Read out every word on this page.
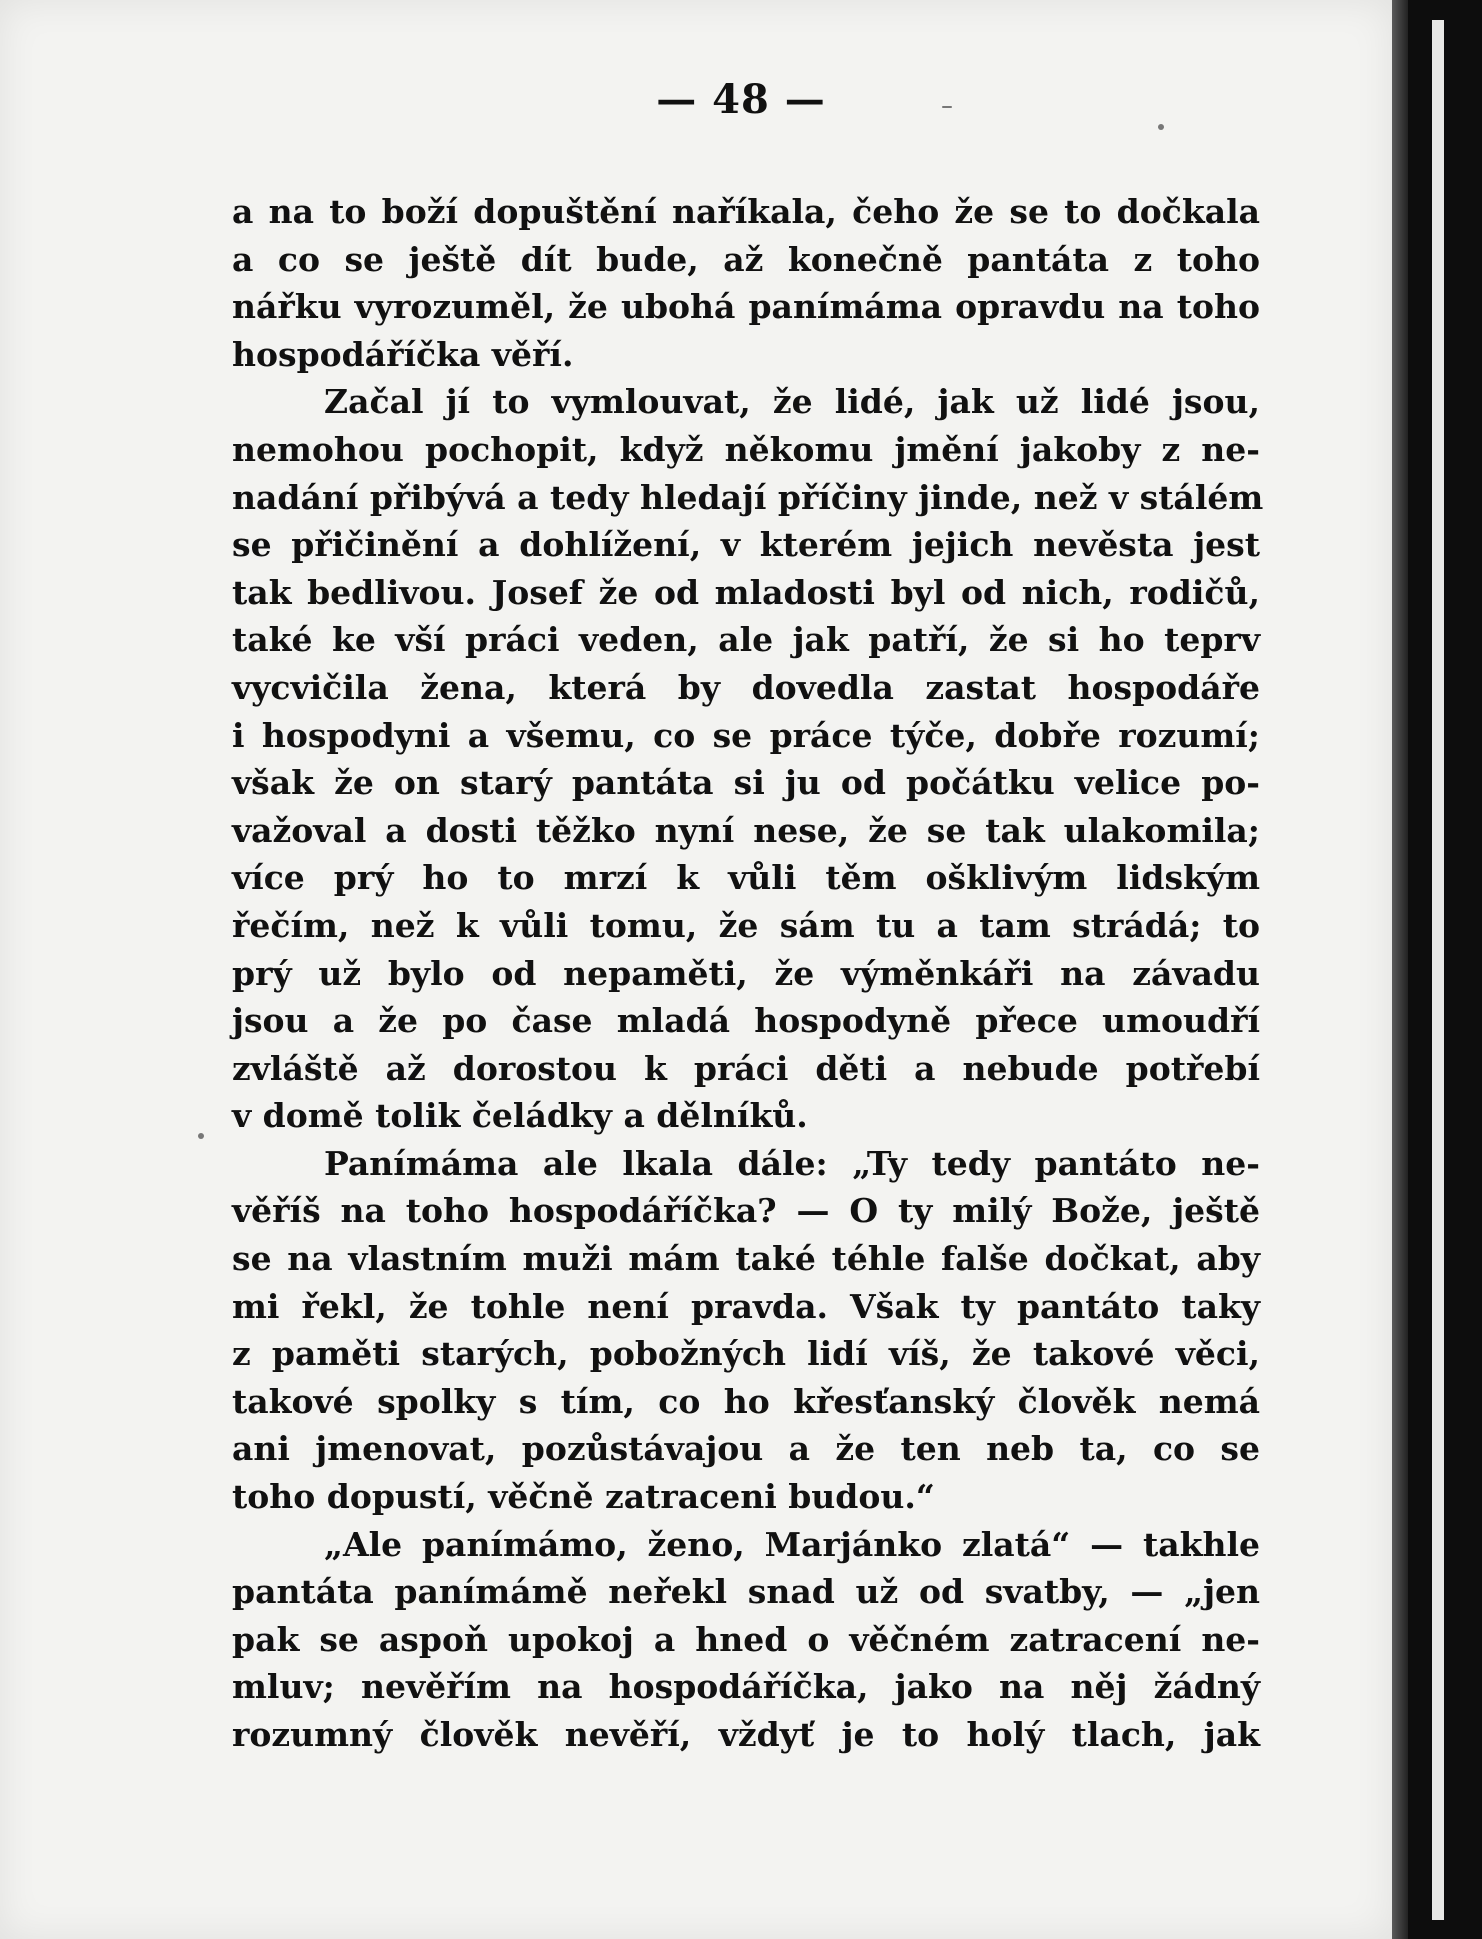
— 48 —
a na to boží dopuštění naříkala, čeho že se to dočkala
a co se ještě dít bude, až konečně pantáta z toho
nářku vyrozuměl, že ubohá panímáma opravdu na toho
hospodáříčka věří.
Začal jí to vymlouvat, že lidé, jak už lidé jsou,
nemohou pochopit, když někomu jmění jakoby z ne-
nadání přibývá a tedy hledají příčiny jinde, než v stálém
se přičinění a dohlížení, v kterém jejich nevěsta jest
tak bedlivou. Josef že od mladosti byl od nich, rodičů,
také ke vší práci veden, ale jak patří, že si ho teprv
vycvičila žena, která by dovedla zastat hospodáře
i hospodyni a všemu, co se práce týče, dobře rozumí;
však že on starý pantáta si ju od počátku velice po-
važoval a dosti těžko nyní nese, že se tak ulakomila;
více prý ho to mrzí k vůli těm ošklivým lidským
řečím, než k vůli tomu, že sám tu a tam strádá; to
prý už bylo od nepaměti, že výměnkáři na závadu
jsou a že po čase mladá hospodyně přece umoudří
zvláště až dorostou k práci děti a nebude potřebí
v domě tolik čeládky a dělníků.
Panímáma ale lkala dále: „Ty tedy pantáto ne-
věříš na toho hospodáříčka? — O ty milý Bože, ještě
se na vlastním muži mám také téhle falše dočkat, aby
mi řekl, že tohle není pravda. Však ty pantáto taky
z paměti starých, pobožných lidí víš, že takové věci,
takové spolky s tím, co ho křesťanský člověk nemá
ani jmenovat, pozůstávajou a že ten neb ta, co se
toho dopustí, věčně zatraceni budou.“
„Ale panímámo, ženo, Marjánko zlatá“ — takhle
pantáta panímámě neřekl snad už od svatby, — „jen
pak se aspoň upokoj a hned o věčném zatracení ne-
mluv; nevěřím na hospodáříčka, jako na něj žádný
rozumný člověk nevěří, vždyť je to holý tlach, jak
